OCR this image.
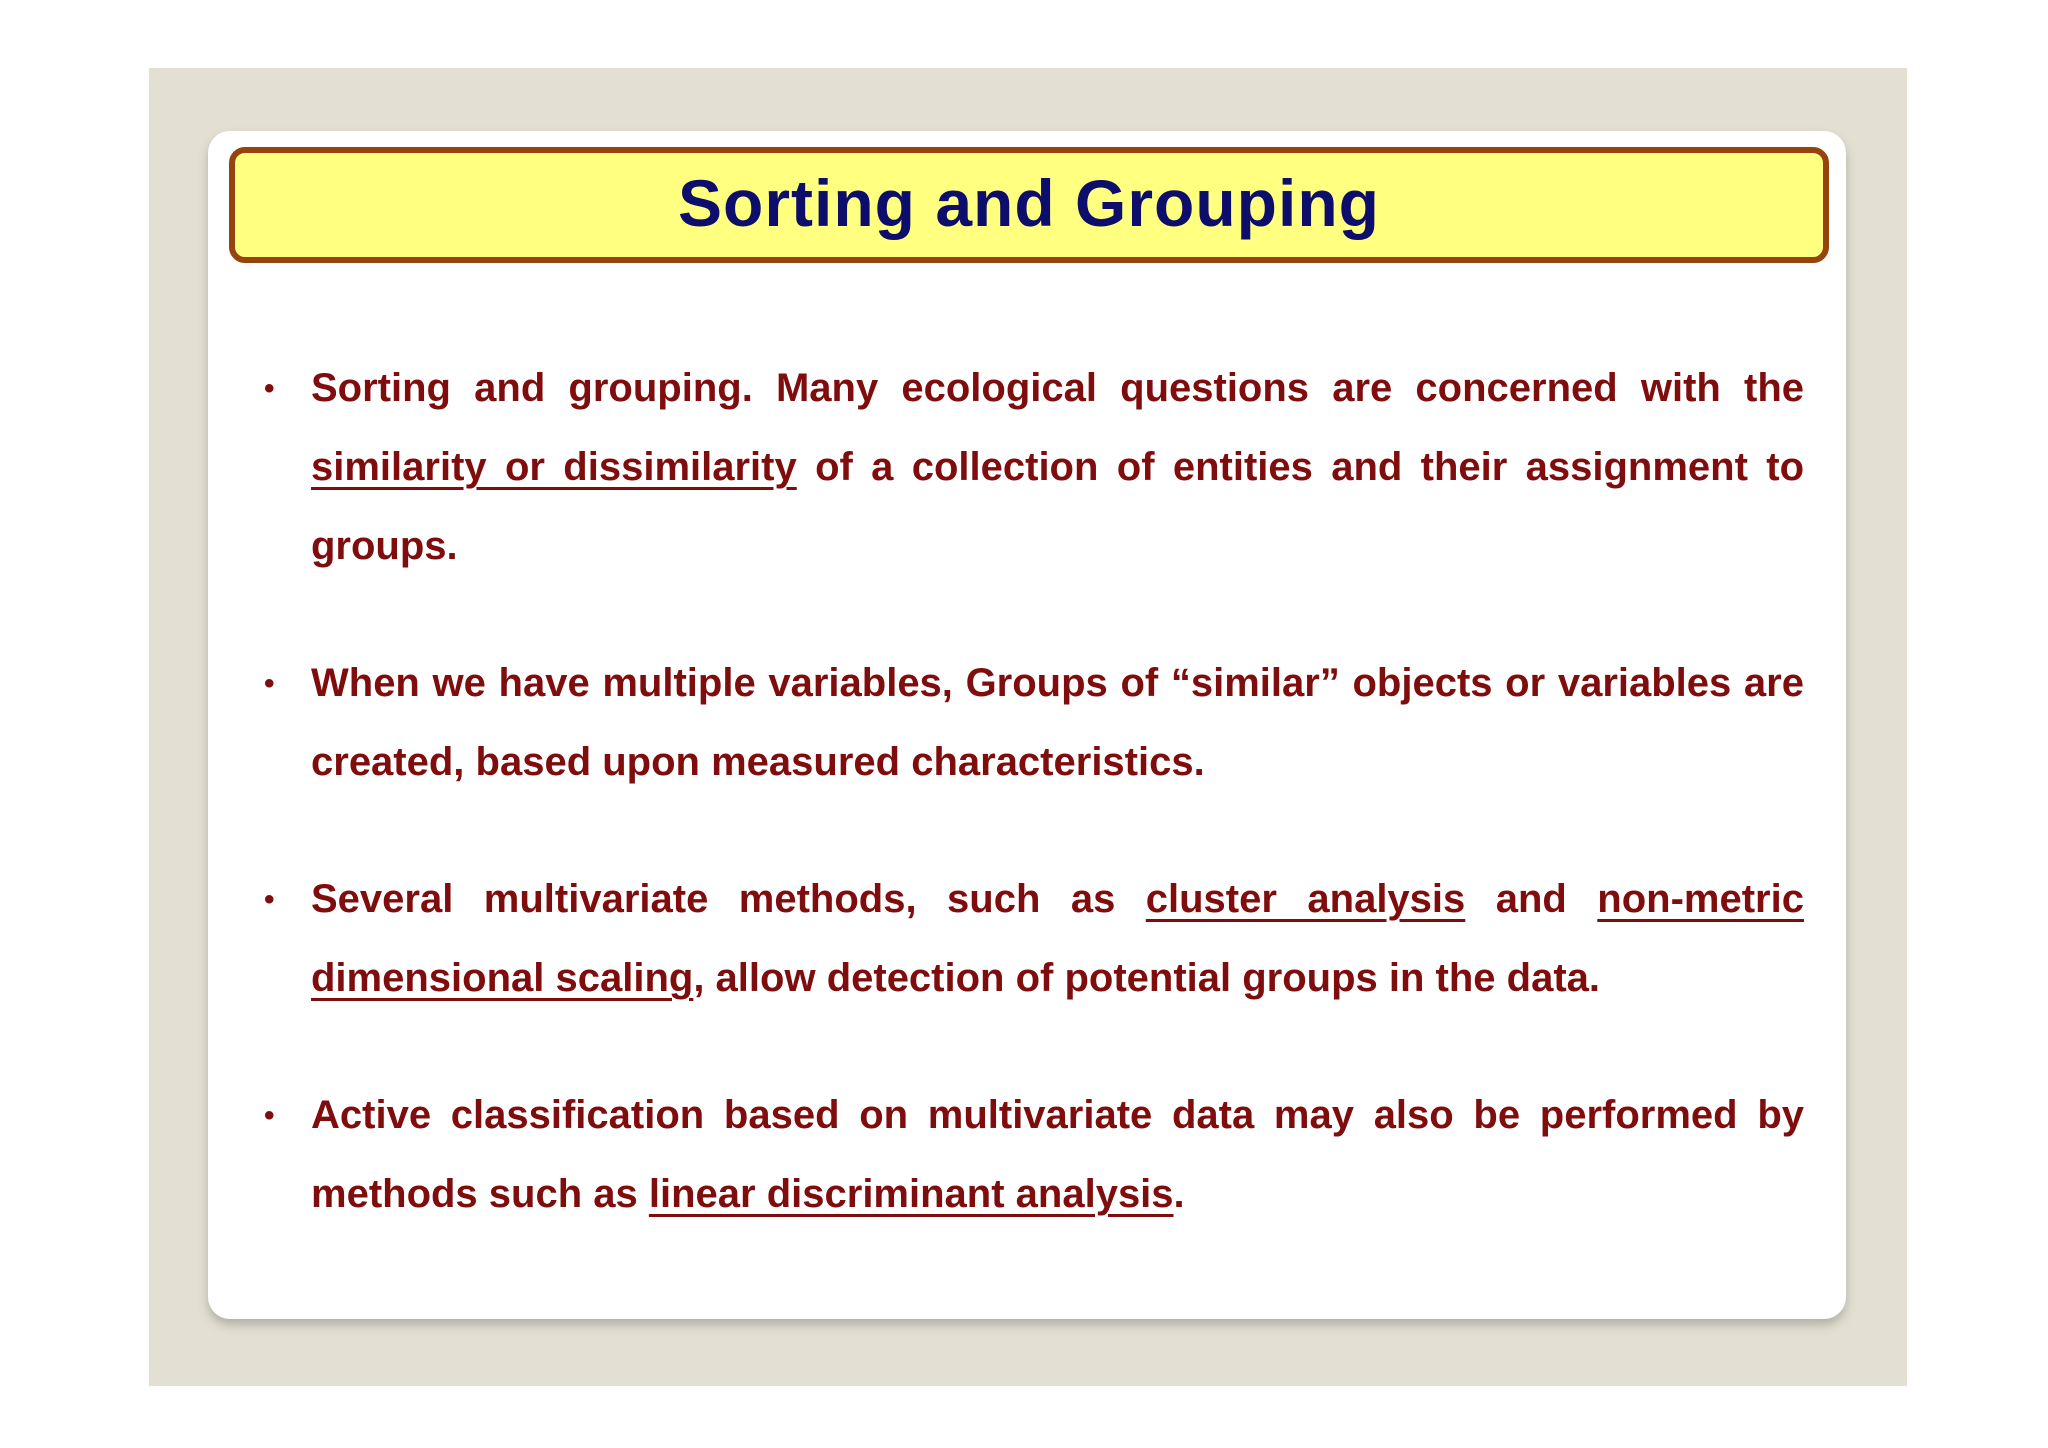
Sorting and Grouping
• Sorting and grouping. Many ecological questions are concerned with the similarity or dissimilarity of a collection of entities and their assignment to groups.
• When we have multiple variables, Groups of “similar” objects or variables are created, based upon measured characteristics.
• Several multivariate methods, such as cluster analysis and non-metric dimensional scaling, allow detection of potential groups in the data.
• Active classification based on multivariate data may also be performed by methods such as linear discriminant analysis.
